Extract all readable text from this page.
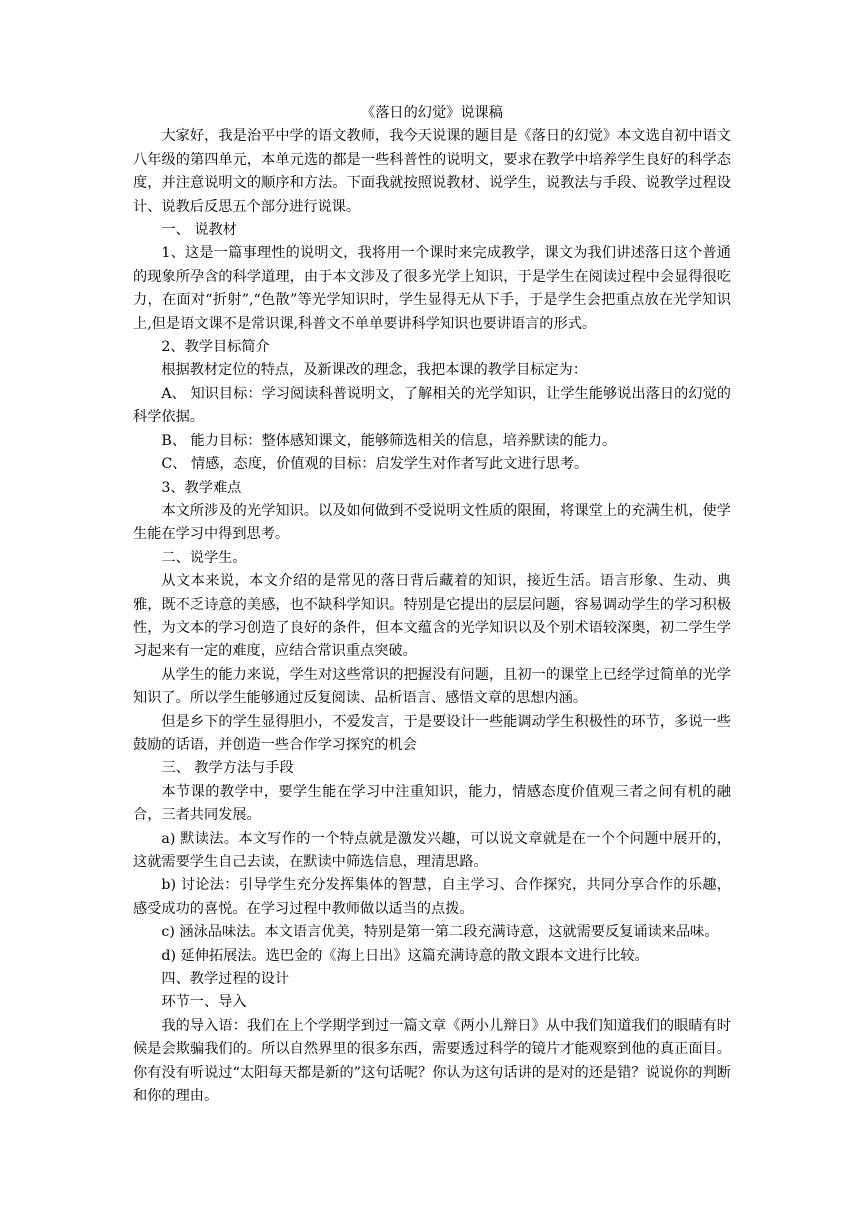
《落日的幻觉》说课稿

大家好，我是治平中学的语文教师，我今天说课的题目是《落日的幻觉》本文选自初中语文八年级的第四单元，本单元选的都是一些科普性的说明文，要求在教学中培养学生良好的科学态度，并注意说明文的顺序和方法。下面我就按照说教材、说学生，说教法与手段、说教学过程设计、说教后反思五个部分进行说课。

一、 说教材

1、这是一篇事理性的说明文，我将用一个课时来完成教学，课文为我们讲述落日这个普通的现象所孕含的科学道理，由于本文涉及了很多光学上知识，于是学生在阅读过程中会显得很吃力，在面对“折射”,“色散”等光学知识时，学生显得无从下手，于是学生会把重点放在光学知识上,但是语文课不是常识课,科普文不单单要讲科学知识也要讲语言的形式。

2、教学目标简介

根据教材定位的特点，及新课改的理念，我把本课的教学目标定为：

A、 知识目标：学习阅读科普说明文，了解相关的光学知识，让学生能够说出落日的幻觉的科学依据。

B、 能力目标：整体感知课文，能够筛选相关的信息，培养默读的能力。

C、 情感，态度，价值观的目标：启发学生对作者写此文进行思考。

3、教学难点

本文所涉及的光学知识。以及如何做到不受说明文性质的限囿，将课堂上的充满生机，使学生能在学习中得到思考。

二、说学生。

从文本来说，本文介绍的是常见的落日背后藏着的知识，接近生活。语言形象、生动、典雅，既不乏诗意的美感，也不缺科学知识。特别是它提出的层层问题，容易调动学生的学习积极性，为文本的学习创造了良好的条件，但本文蕴含的光学知识以及个别术语较深奥，初二学生学习起来有一定的难度，应结合常识重点突破。

从学生的能力来说，学生对这些常识的把握没有问题，且初一的课堂上已经学过简单的光学知识了。所以学生能够通过反复阅读、品析语言、感悟文章的思想内涵。

但是乡下的学生显得胆小，不爱发言，于是要设计一些能调动学生积极性的环节，多说一些鼓励的话语，并创造一些合作学习探究的机会

三、 教学方法与手段

本节课的教学中，要学生能在学习中注重知识，能力，情感态度价值观三者之间有机的融合，三者共同发展。

a) 默读法。本文写作的一个特点就是激发兴趣，可以说文章就是在一个个问题中展开的，这就需要学生自己去读，在默读中筛选信息，理清思路。

b) 讨论法：引导学生充分发挥集体的智慧，自主学习、合作探究，共同分享合作的乐趣，感受成功的喜悦。在学习过程中教师做以适当的点拨。

c) 涵泳品味法。本文语言优美，特别是第一第二段充满诗意，这就需要反复诵读来品味。

d) 延伸拓展法。选巴金的《海上日出》这篇充满诗意的散文跟本文进行比较。

四、教学过程的设计

环节一、导入

我的导入语：我们在上个学期学到过一篇文章《两小儿辩日》从中我们知道我们的眼睛有时候是会欺骗我们的。所以自然界里的很多东西，需要透过科学的镜片才能观察到他的真正面目。你有没有听说过“太阳每天都是新的”这句话呢？你认为这句话讲的是对的还是错？说说你的判断和你的理由。
